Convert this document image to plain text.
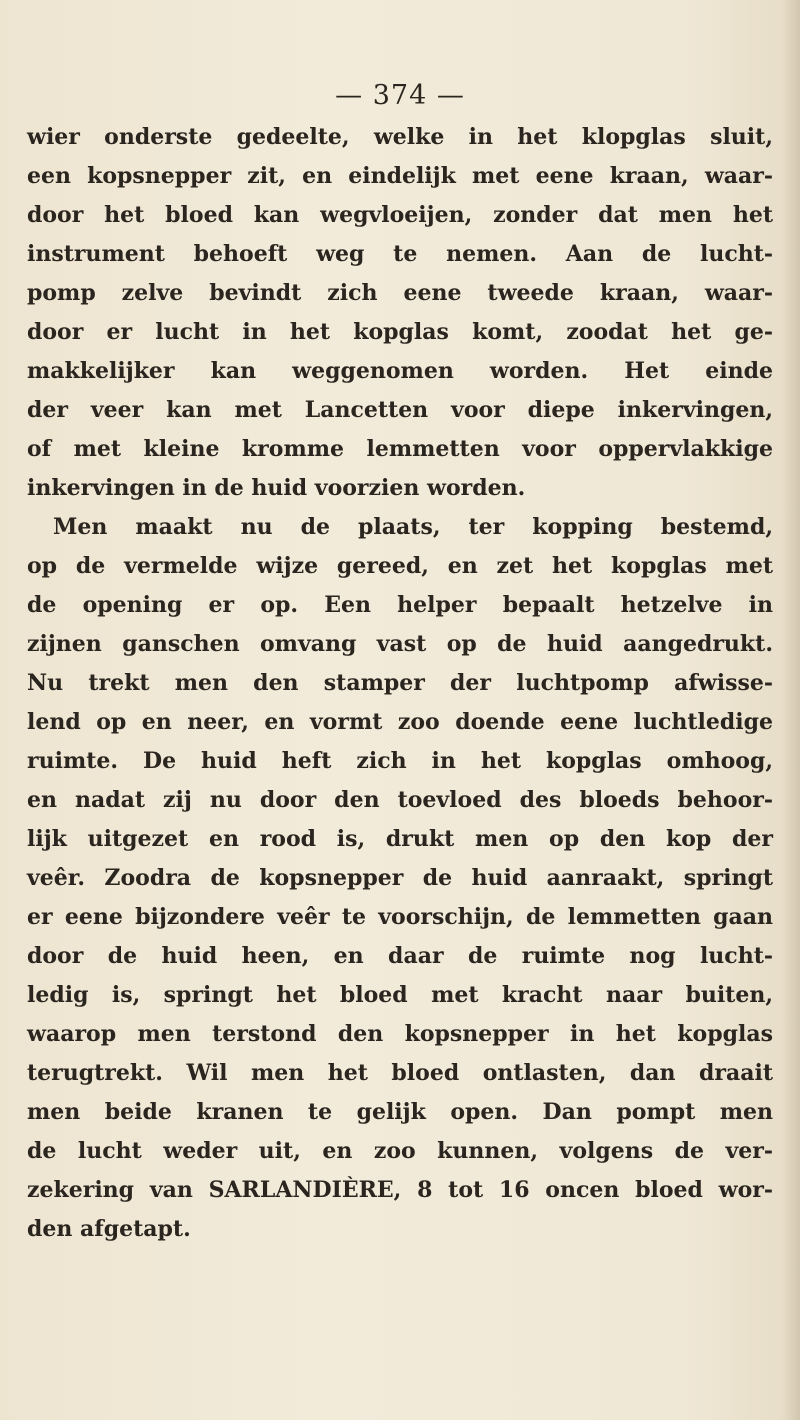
— 374 —
wier onderste gedeelte, welke in het klopglas sluit,
een kopsnepper zit, en eindelijk met eene kraan, waar-
door het bloed kan wegvloeijen, zonder dat men het
instrument behoeft weg te nemen. Aan de lucht-
pomp zelve bevindt zich eene tweede kraan, waar-
door er lucht in het kopglas komt, zoodat het ge-
makkelijker kan weggenomen worden. Het einde
der veer kan met Lancetten voor diepe inkervingen,
of met kleine kromme lemmetten voor oppervlakkige
inkervingen in de huid voorzien worden.
Men maakt nu de plaats, ter kopping bestemd,
op de vermelde wijze gereed, en zet het kopglas met
de opening er op. Een helper bepaalt hetzelve in
zijnen ganschen omvang vast op de huid aangedrukt.
Nu trekt men den stamper der luchtpomp afwisse-
lend op en neer, en vormt zoo doende eene luchtledige
ruimte. De huid heft zich in het kopglas omhoog,
en nadat zij nu door den toevloed des bloeds behoor-
lijk uitgezet en rood is, drukt men op den kop der
veêr. Zoodra de kopsnepper de huid aanraakt, springt
er eene bijzondere veêr te voorschijn, de lemmetten gaan
door de huid heen, en daar de ruimte nog lucht-
ledig is, springt het bloed met kracht naar buiten,
waarop men terstond den kopsnepper in het kopglas
terugtrekt. Wil men het bloed ontlasten, dan draait
men beide kranen te gelijk open. Dan pompt men
de lucht weder uit, en zoo kunnen, volgens de ver-
zekering van SARLANDIÈRE, 8 tot 16 oncen bloed wor-
den afgetapt.
